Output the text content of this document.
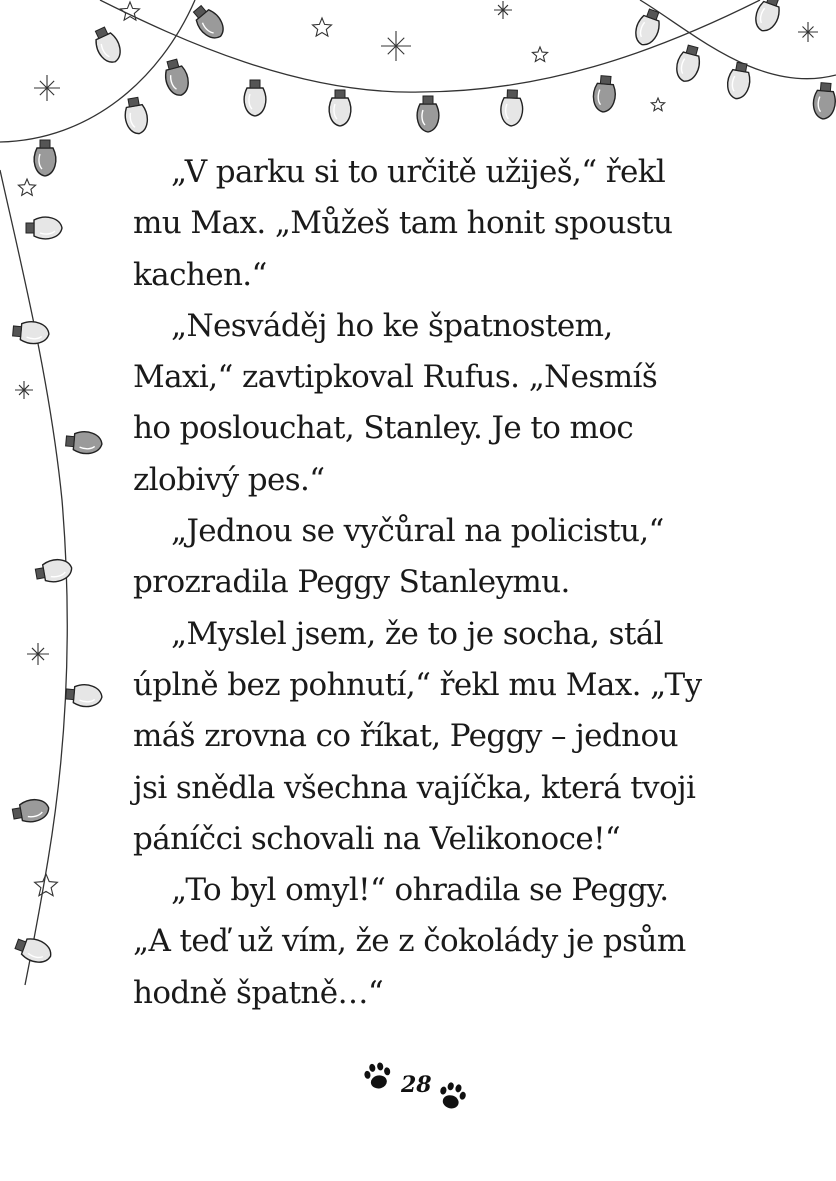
„V parku si to určitě užiješ,“ řekl
mu Max. „Můžeš tam honit spoustu
kachen.“
„Nesváděj ho ke špatnostem,
Maxi,“ zavtipkoval Rufus. „Nesmíš
ho poslouchat, Stanley. Je to moc
zlobivý pes.“
„Jednou se vyčůral na policistu,“
prozradila Peggy Stanleymu.
„Myslel jsem, že to je socha, stál
úplně bez pohnutí,“ řekl mu Max. „Ty
máš zrovna co říkat, Peggy – jednou
jsi snědla všechna vajíčka, která tvoji
páníčci schovali na Velikonoce!“
„To byl omyl!“ ohradila se Peggy.
„A teď už vím, že z čokolády je psům
hodně špatně…“
28
